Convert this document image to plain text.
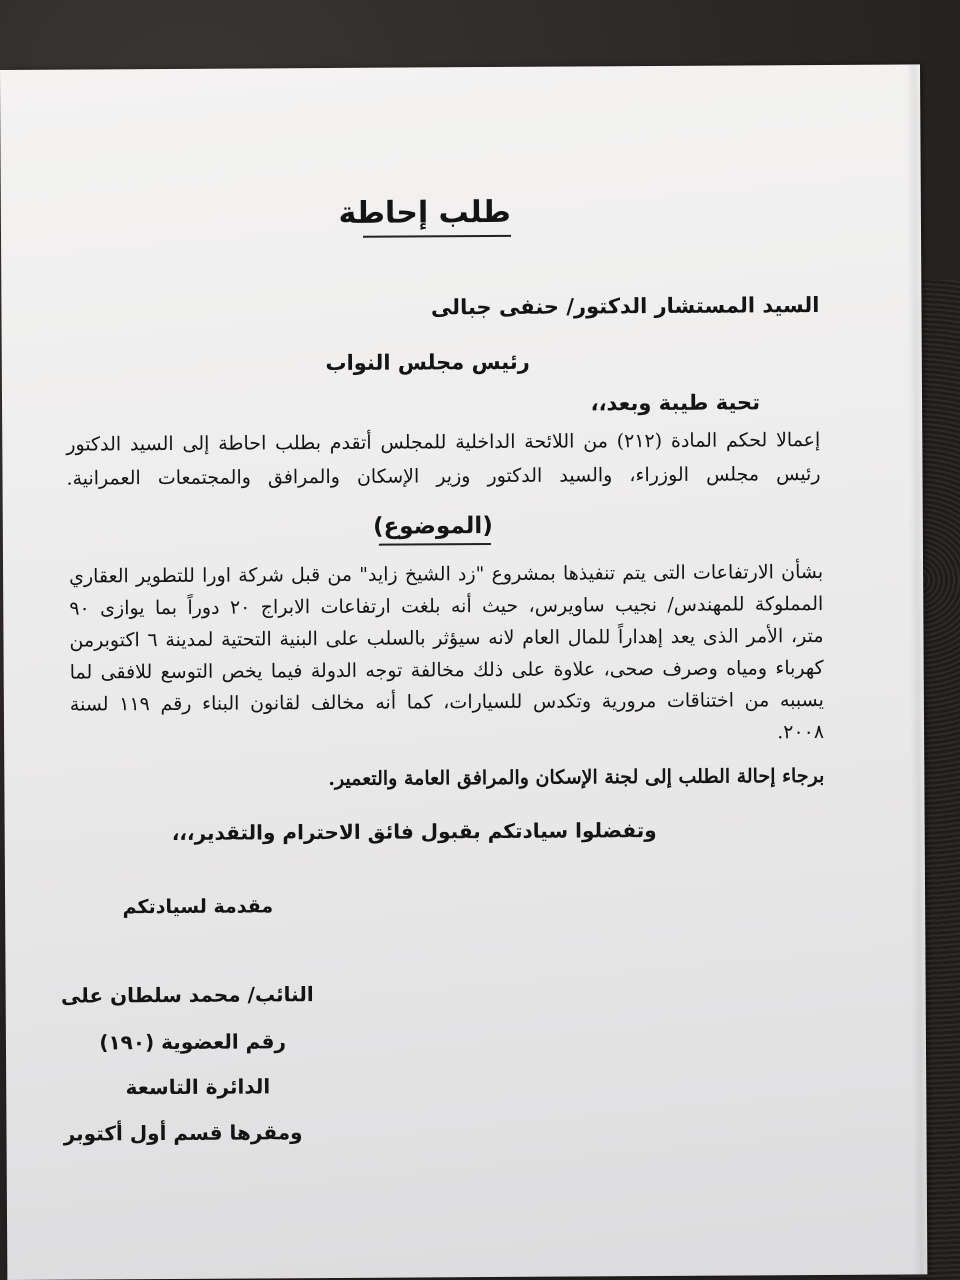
طلب إحاطة
السيد المستشار الدكتور/ حنفى جبالى
رئيس مجلس النواب
تحية طيبة وبعد،،
إعمالا لحكم المادة (٢١٢) من اللائحة الداخلية للمجلس أتقدم بطلب احاطة إلى السيد الدكتور
رئيس مجلس الوزراء، والسيد الدكتور وزير الإسكان والمرافق والمجتمعات العمرانية.
(الموضوع)
بشأن الارتفاعات التى يتم تنفيذها بمشروع "زد الشيخ زايد" من قبل شركة اورا للتطوير العقاري
المملوكة للمهندس/ نجيب ساويرس، حيث أنه بلغت ارتفاعات الابراج ٢٠ دوراً بما يوازى ٩٠
متر، الأمر الذى يعد إهداراً للمال العام لانه سيؤثر بالسلب على البنية التحتية لمدينة ٦ اكتوبرمن
كهرباء ومياه وصرف صحى، علاوة على ذلك مخالفة توجه الدولة فيما يخص التوسع للافقى لما
يسببه من اختناقات مرورية وتكدس للسيارات، كما أنه مخالف لقانون البناء رقم ١١٩ لسنة
٢٠٠٨.
برجاء إحالة الطلب إلى لجنة الإسكان والمرافق العامة والتعمير.
وتفضلوا سيادتكم بقبول فائق الاحترام والتقدير،،،
مقدمة لسيادتكم
النائب/ محمد سلطان على
رقم العضوية (١٩٠)
الدائرة التاسعة
ومقرها قسم أول أكتوبر
